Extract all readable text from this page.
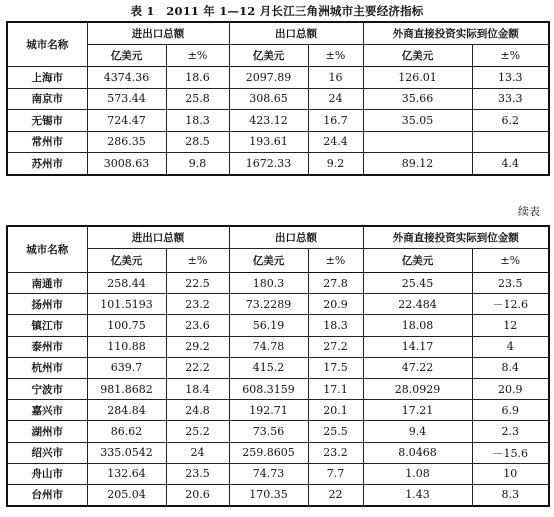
表 1　2011 年 1—12 月长江三角洲城市主要经济指标
城市名称	进出口总额		出口总额		外商直接投资实际到位金额	
	亿美元	±%	亿美元	±%	亿美元	±%
上海市	4374.36	18.6	2097.89	16	126.01	13.3
南京市	573.44	25.8	308.65	24	35.66	33.3
无锡市	724.47	18.3	423.12	16.7	35.05	6.2
常州市	286.35	28.5	193.61	24.4		
苏州市	3008.63	9.8	1672.33	9.2	89.12	4.4
续表
城市名称	进出口总额		出口总额		外商直接投资实际到位金额	
	亿美元	±%	亿美元	±%	亿美元	±%
南通市	258.44	22.5	180.3	27.8	25.45	23.5
扬州市	101.5193	23.2	73.2289	20.9	22.484	－12.6
镇江市	100.75	23.6	56.19	18.3	18.08	12
泰州市	110.88	29.2	74.78	27.2	14.17	4
杭州市	639.7	22.2	415.2	17.5	47.22	8.4
宁波市	981.8682	18.4	608.3159	17.1	28.0929	20.9
嘉兴市	284.84	24.8	192.71	20.1	17.21	6.9
湖州市	86.62	25.2	73.56	25.5	9.4	2.3
绍兴市	335.0542	24	259.8605	23.2	8.0468	－15.6
舟山市	132.64	23.5	74.73	7.7	1.08	10
台州市	205.04	20.6	170.35	22	1.43	8.3
